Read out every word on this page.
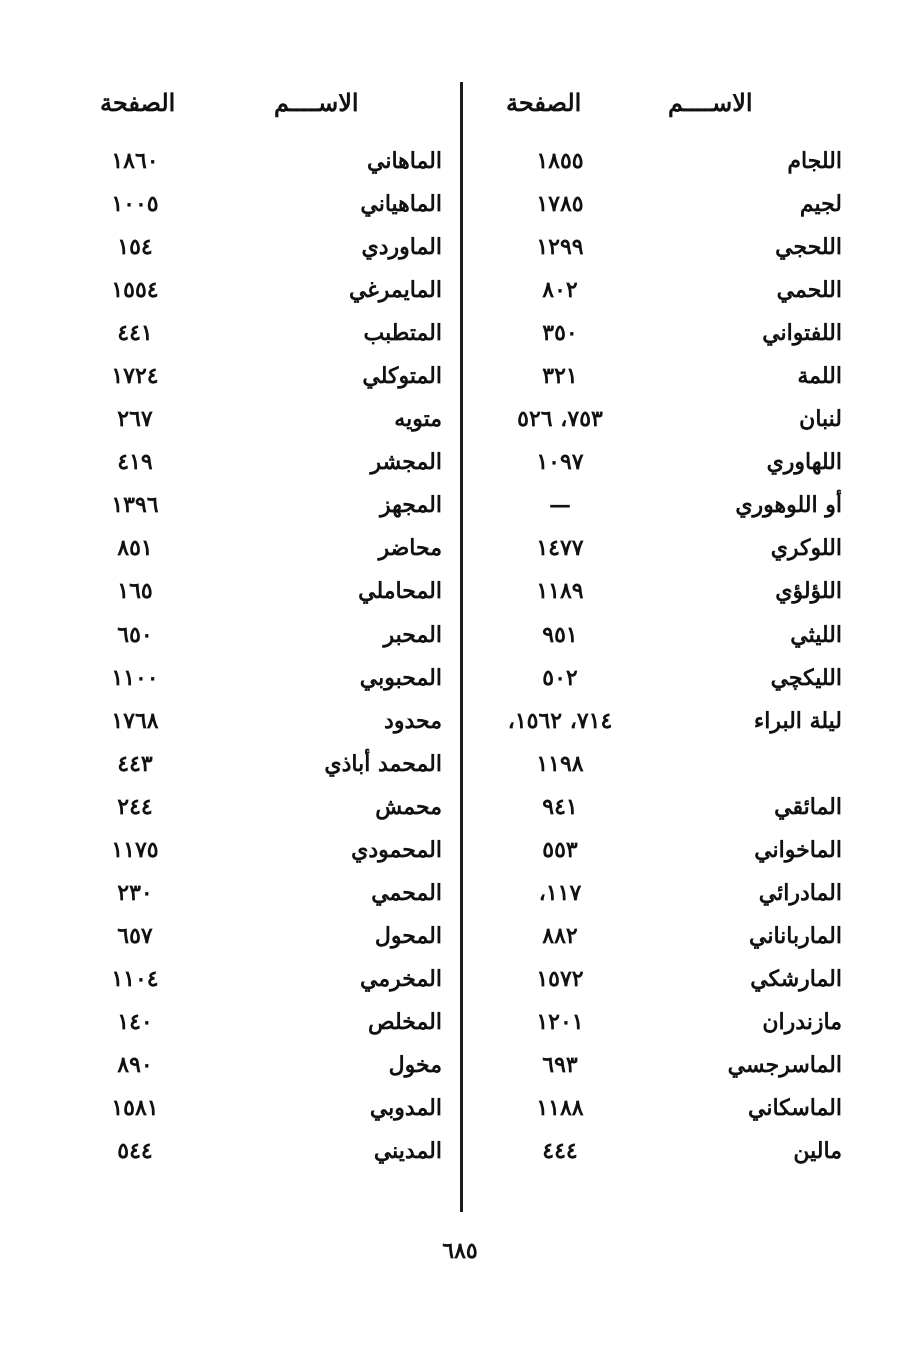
الاســــم
الصفحة
الاســــم
الصفحة
اللجام
١٨٥٥
لجيم
١٧٨٥
اللحجي
١٢٩٩
اللحمي
٨٠٢
اللفتواني
٣٥٠
اللمة
٣٢١
لنبان
٧٥٣، ٥٢٦
اللهاوري
١٠٩٧
أو اللوهوري
—
اللوكري
١٤٧٧
اللؤلؤي
١١٨٩
الليثي
٩٥١
الليكچي
٥٠٢
ليلة البراء
٧١٤، ١٥٦٢،
١١٩٨
المائقي
٩٤١
الماخواني
٥٥٣
المادرائي
١١٧،
المارباناني
٨٨٢
المارشكي
١٥٧٢
مازندران
١٢٠١
الماسرجسي
٦٩٣
الماسكاني
١١٨٨
مالين
٤٤٤
الماهاني
١٨٦٠
الماهياني
١٠٠٥
الماوردي
١٥٤
المايمرغي
١٥٥٤
المتطبب
٤٤١
المتوكلي
١٧٢٤
متويه
٢٦٧
المجشر
٤١٩
المجهز
١٣٩٦
محاضر
٨٥١
المحاملي
١٦٥
المحبر
٦٥٠
المحبوبي
١١٠٠
محدود
١٧٦٨
المحمد أباذي
٤٤٣
محمش
٢٤٤
المحمودي
١١٧٥
المحمي
٢٣٠
المحول
٦٥٧
المخرمي
١١٠٤
المخلص
١٤٠
مخول
٨٩٠
المدوبي
١٥٨١
المديني
٥٤٤
٦٨٥
